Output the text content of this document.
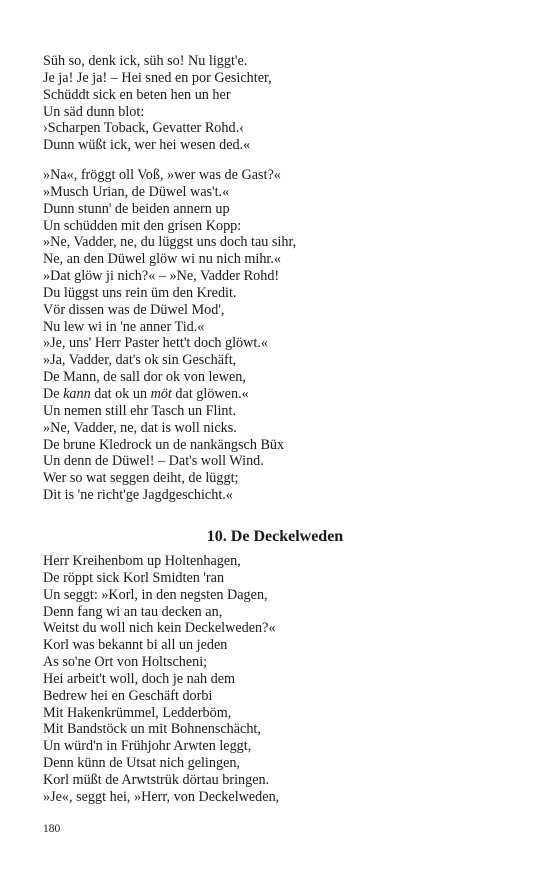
Süh so, denk ick, süh so! Nu liggt'e.
Je ja! Je ja! – Hei sned en por Gesichter,
Schüddt sick en beten hen un her
Un säd dunn blot:
›Scharpen Toback, Gevatter Rohd.‹
Dunn wüßt ick, wer hei wesen ded.«
»Na«, fröggt oll Voß, »wer was de Gast?«
»Musch Urian, de Düwel was't.«
Dunn stunn' de beiden annern up
Un schüdden mit den grisen Kopp:
»Ne, Vadder, ne, du lüggst uns doch tau sihr,
Ne, an den Düwel glöw wi nu nich mihr.«
»Dat glöw ji nich?« – »Ne, Vadder Rohd!
Du lüggst uns rein üm den Kredit.
Vör dissen was de Düwel Mod',
Nu lew wi in 'ne anner Tid.«
»Je, uns' Herr Paster hett't doch glöwt.«
»Ja, Vadder, dat's ok sin Geschäft,
De Mann, de sall dor ok von lewen,
De kann dat ok un möt dat glöwen.«
Un nemen still ehr Tasch un Flint.
»Ne, Vadder, ne, dat is woll nicks.
De brune Kledrock un de nankängsch Büx
Un denn de Düwel! – Dat's woll Wind.
Wer so wat seggen deiht, de lüggt;
Dit is 'ne richt'ge Jagdgeschicht.«
10. De Deckelweden
Herr Kreihenbom up Holtenhagen,
De röppt sick Korl Smidten 'ran
Un seggt: »Korl, in den negsten Dagen,
Denn fang wi an tau decken an,
Weitst du woll nich kein Deckelweden?«
Korl was bekannt bi all un jeden
As so'ne Ort von Holtscheni;
Hei arbeit't woll, doch je nah dem
Bedrew hei en Geschäft dorbi
Mit Hakenkrümmel, Ledderböm,
Mit Bandstöck un mit Bohnenschächt,
Un würd'n in Frühjohr Arwten leggt,
Denn künn de Utsat nich gelingen,
Korl müßt de Arwtstrük dörtau bringen.
»Je«, seggt hei, »Herr, von Deckelweden,
180
